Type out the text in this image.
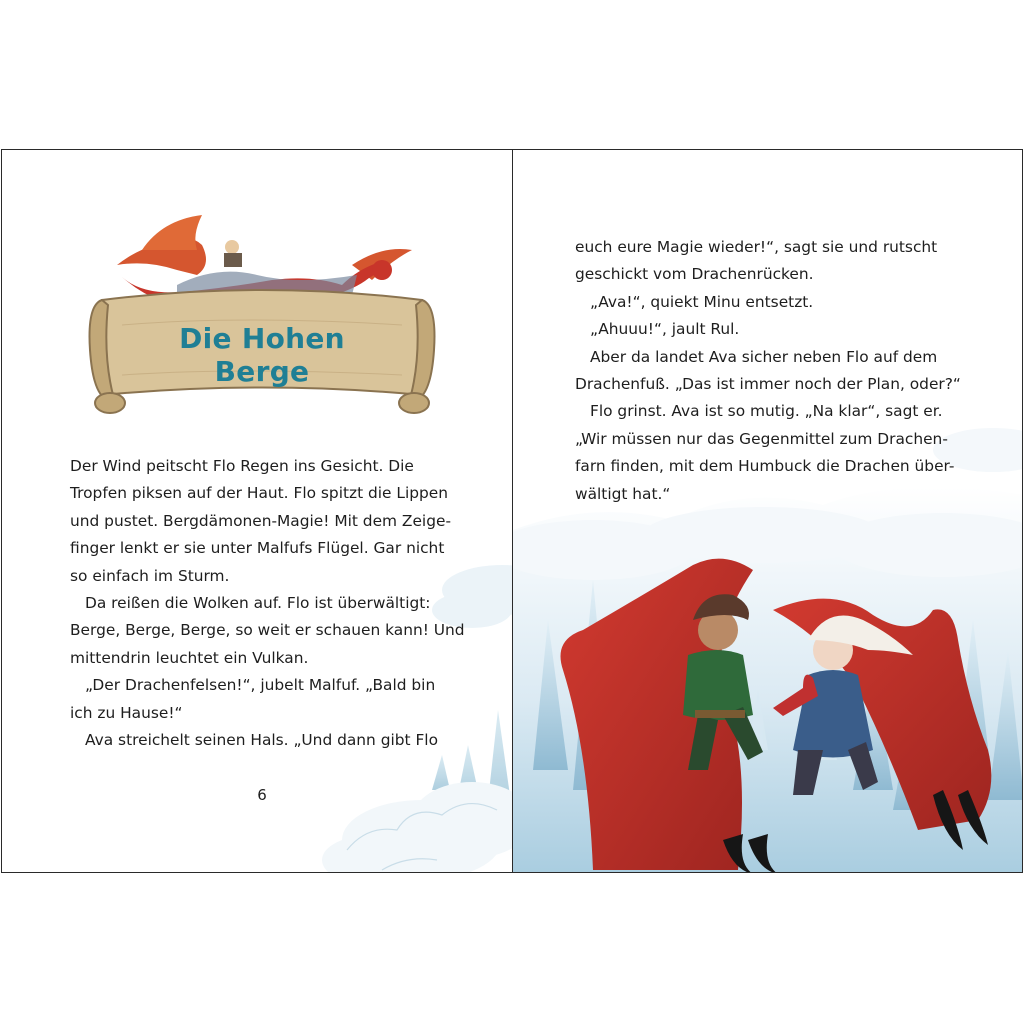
Die Hohen Berge

Der Wind peitscht Flo Regen ins Gesicht. Die
Tropfen piksen auf der Haut. Flo spitzt die Lippen
und pustet. Bergdämonen-Magie! Mit dem Zeige-
finger lenkt er sie unter Malfufs Flügel. Gar nicht
so einfach im Sturm.

Da reißen die Wolken auf. Flo ist überwältigt:
Berge, Berge, Berge, so weit er schauen kann! Und
mittendrin leuchtet ein Vulkan.

„Der Drachenfelsen!“, jubelt Malfuf. „Bald bin
ich zu Hause!“

Ava streichelt seinen Hals. „Und dann gibt Flo

6

euch eure Magie wieder!“, sagt sie und rutscht
geschickt vom Drachenrücken.

„Ava!“, quiekt Minu entsetzt.

„Ahuuu!“, jault Rul.

Aber da landet Ava sicher neben Flo auf dem
Drachenfuß. „Das ist immer noch der Plan, oder?“

Flo grinst. Ava ist so mutig. „Na klar“, sagt er.
„Wir müssen nur das Gegenmittel zum Drachen-
farn finden, mit dem Humbuck die Drachen über-
wältigt hat.“
